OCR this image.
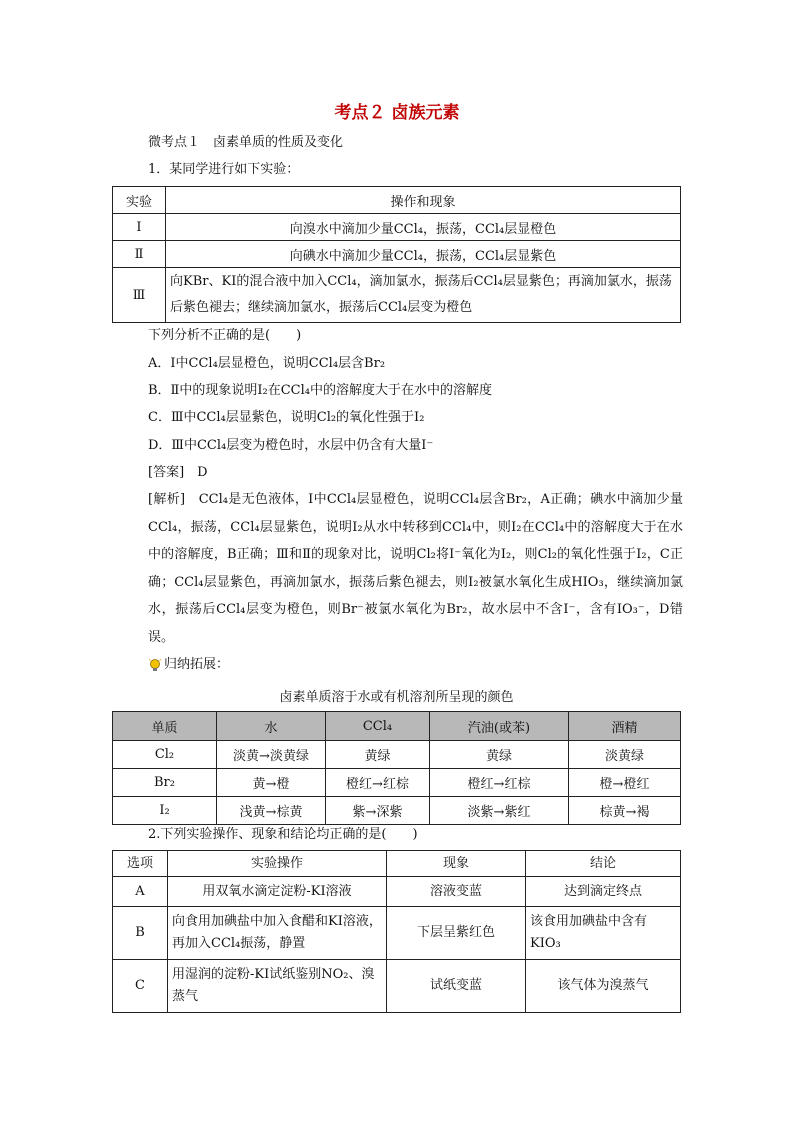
考点２ 卤族元素
微考点１　卤素单质的性质及变化
1．某同学进行如下实验：
实验	操作和现象
Ⅰ	向溴水中滴加少量CCl₄，振荡，CCl₄层显橙色
Ⅱ	向碘水中滴加少量CCl₄，振荡，CCl₄层显紫色
Ⅲ	向KBr、KI的混合液中加入CCl₄，滴加氯水，振荡后CCl₄层显紫色；再滴加氯水，振荡后紫色褪去；继续滴加氯水，振荡后CCl₄层变为橙色
下列分析不正确的是(　　)
A．Ⅰ中CCl₄层显橙色，说明CCl₄层含Br₂
B．Ⅱ中的现象说明I₂在CCl₄中的溶解度大于在水中的溶解度
C．Ⅲ中CCl₄层显紫色，说明Cl₂的氧化性强于I₂
D．Ⅲ中CCl₄层变为橙色时，水层中仍含有大量I⁻
[答案]　 D
[解析]　 CCl₄是无色液体，Ⅰ中CCl₄层显橙色，说明CCl₄层含Br₂，A正确；碘水中滴加少量CCl₄，振荡，CCl₄层显紫色，说明I₂从水中转移到CCl₄中，则I₂在CCl₄中的溶解度大于在水中的溶解度，B正确；Ⅲ和Ⅱ的现象对比，说明Cl₂将I⁻氧化为I₂，则Cl₂的氧化性强于I₂，C正确；CCl₄层显紫色，再滴加氯水，振荡后紫色褪去，则I₂被氯水氧化生成HIO₃，继续滴加氯水，振荡后CCl₄层变为橙色，则Br⁻被氯水氧化为Br₂，故水层中不含I⁻，含有IO₃⁻，D错误。
归纳拓展：
卤素单质溶于水或有机溶剂所呈现的颜色
单质	水	CCl₄	汽油(或苯)	酒精
Cl₂	淡黄→淡黄绿	黄绿	黄绿	淡黄绿
Br₂	黄→橙	橙红→红棕	橙红→红棕	橙→橙红
I₂	浅黄→棕黄	紫→深紫	淡紫→紫红	棕黄→褐
2.下列实验操作、现象和结论均正确的是(　　)
选项	实验操作	现象	结论
A	用双氧水滴定淀粉-KI溶液	溶液变蓝	达到滴定终点
B	向食用加碘盐中加入食醋和KI溶液，再加入CCl₄振荡，静置	下层呈紫红色	该食用加碘盐中含有KIO₃
C	用湿润的淀粉-KI试纸鉴别NO₂、溴蒸气	试纸变蓝	该气体为溴蒸气
